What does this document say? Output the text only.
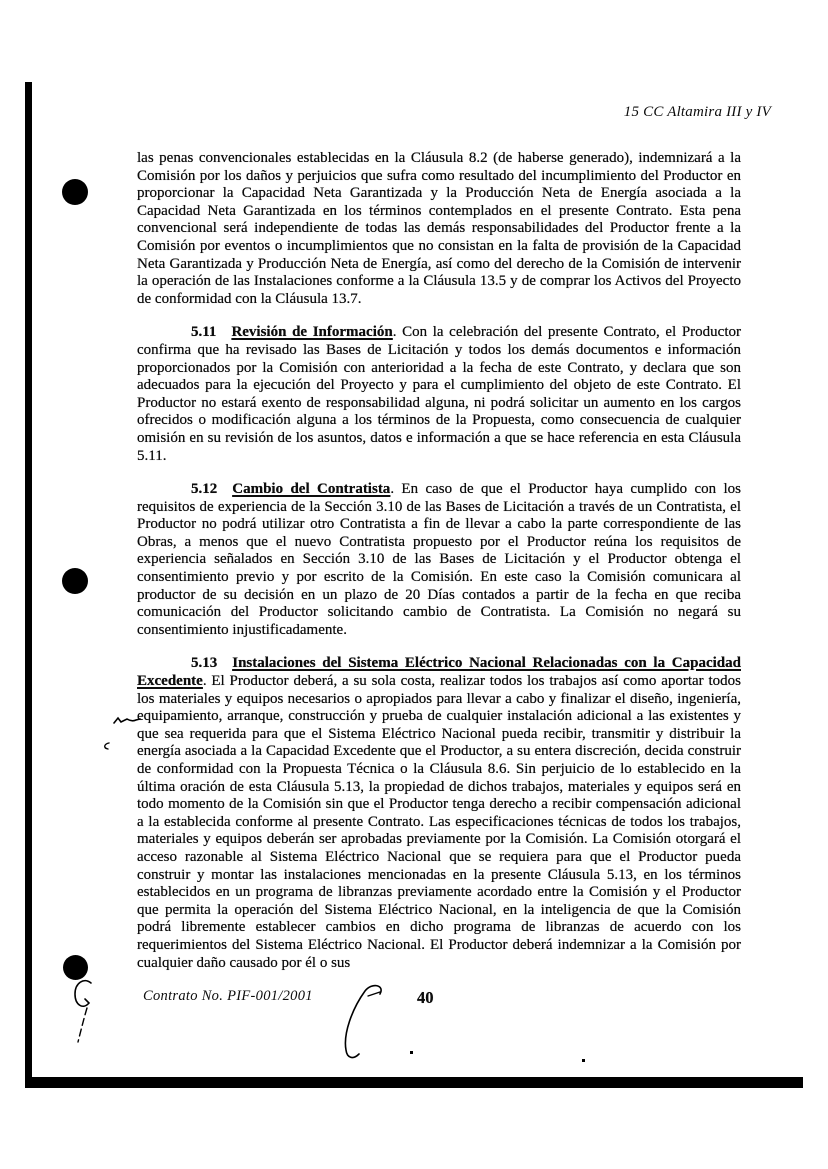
15 CC Altamira III y IV

las penas convencionales establecidas en la Cláusula 8.2 (de haberse generado), indemnizará a la Comisión por los daños y perjuicios que sufra como resultado del incumplimiento del Productor en proporcionar la Capacidad Neta Garantizada y la Producción Neta de Energía asociada a la Capacidad Neta Garantizada en los términos contemplados en el presente Contrato. Esta pena convencional será independiente de todas las demás responsabilidades del Productor frente a la Comisión por eventos o incumplimientos que no consistan en la falta de provisión de la Capacidad Neta Garantizada y Producción Neta de Energía, así como del derecho de la Comisión de intervenir la operación de las Instalaciones conforme a la Cláusula 13.5 y de comprar los Activos del Proyecto de conformidad con la Cláusula 13.7.

5.11 Revisión de Información. Con la celebración del presente Contrato, el Productor confirma que ha revisado las Bases de Licitación y todos los demás documentos e información proporcionados por la Comisión con anterioridad a la fecha de este Contrato, y declara que son adecuados para la ejecución del Proyecto y para el cumplimiento del objeto de este Contrato. El Productor no estará exento de responsabilidad alguna, ni podrá solicitar un aumento en los cargos ofrecidos o modificación alguna a los términos de la Propuesta, como consecuencia de cualquier omisión en su revisión de los asuntos, datos e información a que se hace referencia en esta Cláusula 5.11.

5.12 Cambio del Contratista. En caso de que el Productor haya cumplido con los requisitos de experiencia de la Sección 3.10 de las Bases de Licitación a través de un Contratista, el Productor no podrá utilizar otro Contratista a fin de llevar a cabo la parte correspondiente de las Obras, a menos que el nuevo Contratista propuesto por el Productor reúna los requisitos de experiencia señalados en Sección 3.10 de las Bases de Licitación y el Productor obtenga el consentimiento previo y por escrito de la Comisión. En este caso la Comisión comunicara al productor de su decisión en un plazo de 20 Días contados a partir de la fecha en que reciba comunicación del Productor solicitando cambio de Contratista. La Comisión no negará su consentimiento injustificadamente.

5.13 Instalaciones del Sistema Eléctrico Nacional Relacionadas con la Capacidad Excedente. El Productor deberá, a su sola costa, realizar todos los trabajos así como aportar todos los materiales y equipos necesarios o apropiados para llevar a cabo y finalizar el diseño, ingeniería, equipamiento, arranque, construcción y prueba de cualquier instalación adicional a las existentes y que sea requerida para que el Sistema Eléctrico Nacional pueda recibir, transmitir y distribuir la energía asociada a la Capacidad Excedente que el Productor, a su entera discreción, decida construir de conformidad con la Propuesta Técnica o la Cláusula 8.6. Sin perjuicio de lo establecido en la última oración de esta Cláusula 5.13, la propiedad de dichos trabajos, materiales y equipos será en todo momento de la Comisión sin que el Productor tenga derecho a recibir compensación adicional a la establecida conforme al presente Contrato. Las especificaciones técnicas de todos los trabajos, materiales y equipos deberán ser aprobadas previamente por la Comisión. La Comisión otorgará el acceso razonable al Sistema Eléctrico Nacional que se requiera para que el Productor pueda construir y montar las instalaciones mencionadas en la presente Cláusula 5.13, en los términos establecidos en un programa de libranzas previamente acordado entre la Comisión y el Productor que permita la operación del Sistema Eléctrico Nacional, en la inteligencia de que la Comisión podrá libremente establecer cambios en dicho programa de libranzas de acuerdo con los requerimientos del Sistema Eléctrico Nacional. El Productor deberá indemnizar a la Comisión por cualquier daño causado por él o sus

Contrato No. PIF-001/2001	40
